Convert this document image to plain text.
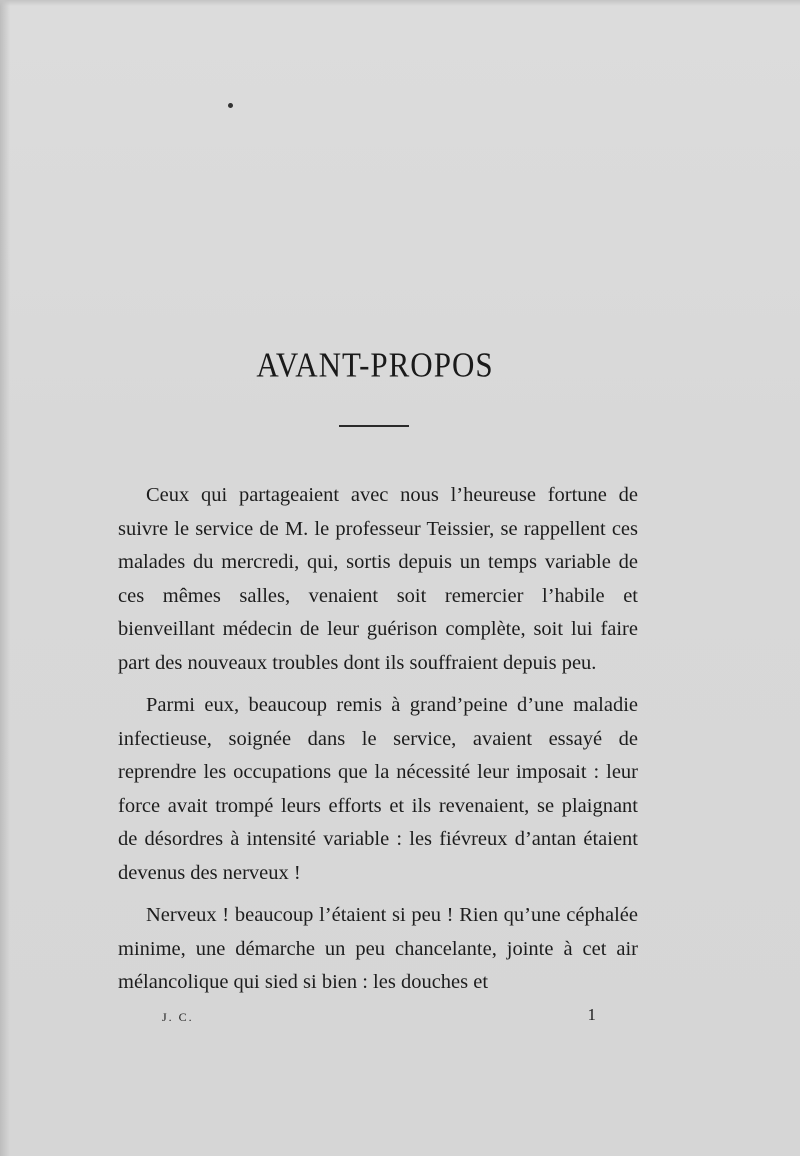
AVANT-PROPOS

Ceux qui partageaient avec nous l’heureuse fortune de suivre le service de M. le professeur Teissier, se rappellent ces malades du mercredi, qui, sortis depuis un temps variable de ces mêmes salles, venaient soit remercier l’habile et bienveillant médecin de leur guérison complète, soit lui faire part des nouveaux troubles dont ils souffraient depuis peu.

Parmi eux, beaucoup remis à grand’peine d’une maladie infectieuse, soignée dans le service, avaient essayé de reprendre les occupations que la nécessité leur imposait : leur force avait trompé leurs efforts et ils revenaient, se plaignant de désordres à intensité variable : les fiévreux d’antan étaient devenus des nerveux !

Nerveux ! beaucoup l’étaient si peu ! Rien qu’une céphalée minime, une démarche un peu chancelante, jointe à cet air mélancolique qui sied si bien : les douches et

J. C.	1
